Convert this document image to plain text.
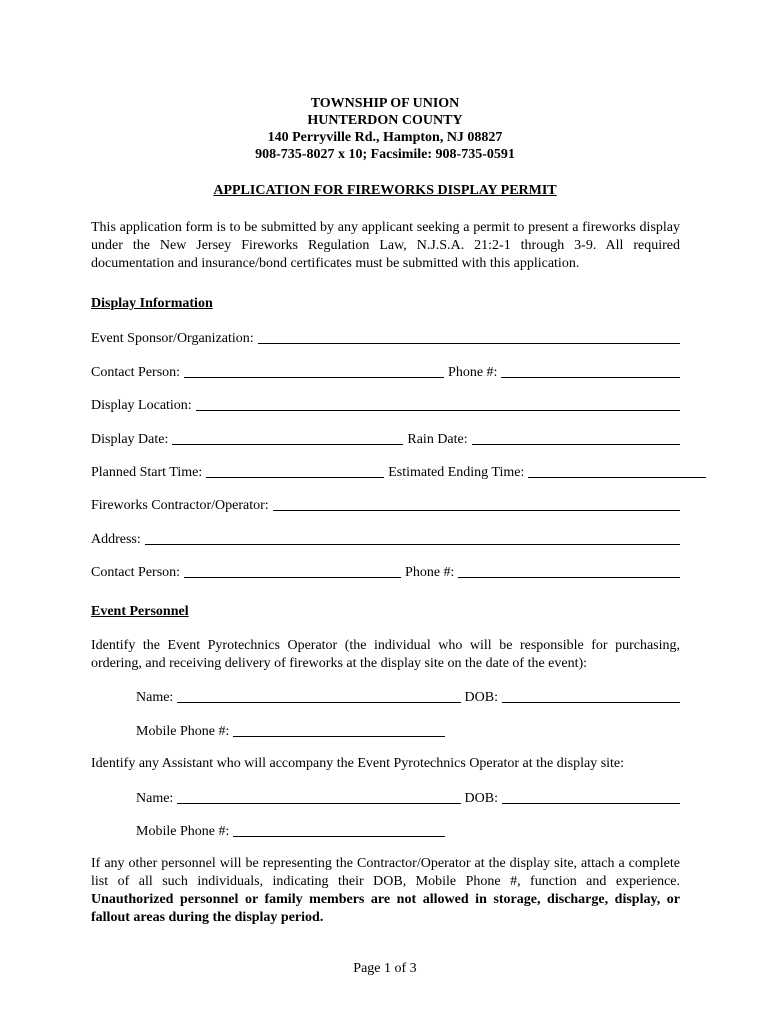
TOWNSHIP OF UNION
HUNTERDON COUNTY
140 Perryville Rd., Hampton, NJ 08827
908-735-8027 x 10; Facsimile: 908-735-0591
APPLICATION FOR FIREWORKS DISPLAY PERMIT
This application form is to be submitted by any applicant seeking a permit to present a fireworks display under the New Jersey Fireworks Regulation Law, N.J.S.A. 21:2-1 through 3-9. All required documentation and insurance/bond certificates must be submitted with this application.
Display Information
Event Sponsor/Organization:
Contact Person:	Phone #:
Display Location:
Display Date:	Rain Date:
Planned Start Time:	Estimated Ending Time:
Fireworks Contractor/Operator:
Address:
Contact Person:	Phone #:
Event Personnel
Identify the Event Pyrotechnics Operator (the individual who will be responsible for purchasing, ordering, and receiving delivery of fireworks at the display site on the date of the event):
Name:	DOB:
Mobile Phone #:
Identify any Assistant who will accompany the Event Pyrotechnics Operator at the display site:
Name:	DOB:
Mobile Phone #:
If any other personnel will be representing the Contractor/Operator at the display site, attach a complete list of all such individuals, indicating their DOB, Mobile Phone #, function and experience. Unauthorized personnel or family members are not allowed in storage, discharge, display, or fallout areas during the display period.
Page 1 of 3
